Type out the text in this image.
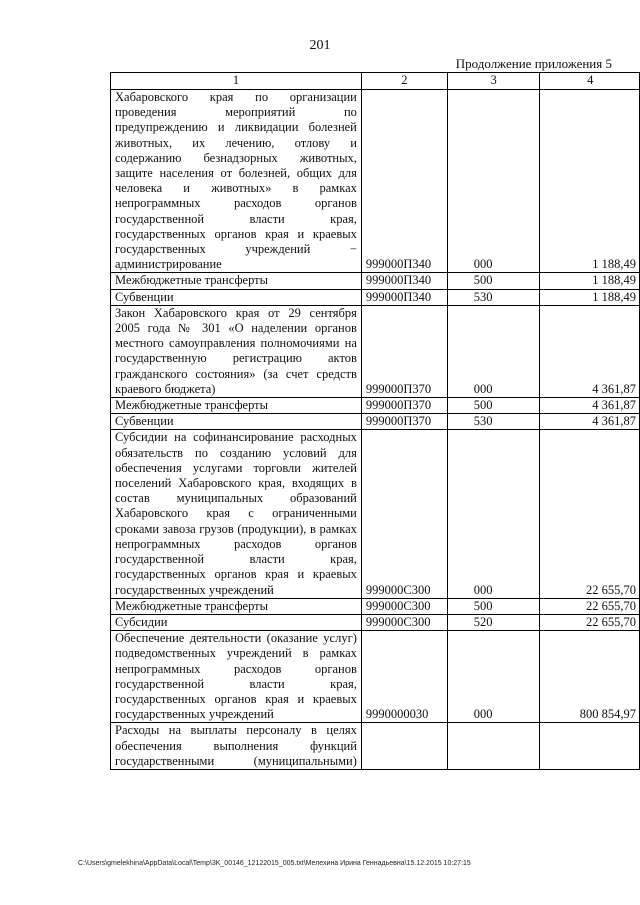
201
Продолжение приложения 5
1	2	3	4
Хабаровского края по организации проведения мероприятий по предупреждению и ликвидации болезней животных, их лечению, отлову и содержанию безнадзорных животных, защите населения от болезней, общих для человека и животных» в рамках непрограммных расходов органов государственной власти края, государственных органов края и краевых государственных учреждений − администрирование	999000П340	000	1 188,49
Межбюджетные трансферты	999000П340	500	1 188,49
Субвенции	999000П340	530	1 188,49
Закон Хабаровского края от 29 сентября 2005 года № 301 «О наделении органов местного самоуправления полномочиями на государственную регистрацию актов гражданского состояния» (за счет средств краевого бюджета)	999000П370	000	4 361,87
Межбюджетные трансферты	999000П370	500	4 361,87
Субвенции	999000П370	530	4 361,87
Субсидии на софинансирование расходных обязательств по созданию условий для обеспечения услугами торговли жителей поселений Хабаровского края, входящих в состав муниципальных образований Хабаровского края с ограниченными сроками завоза грузов (продукции), в рамках непрограммных расходов органов государственной власти края, государственных органов края и краевых государственных учреждений	999000С300	000	22 655,70
Межбюджетные трансферты	999000С300	500	22 655,70
Субсидии	999000С300	520	22 655,70
Обеспечение деятельности (оказание услуг) подведомственных учреждений в рамках непрограммных расходов органов государственной власти края, государственных органов края и краевых государственных учреждений	9990000030	000	800 854,97
Расходы на выплаты персоналу в целях обеспечения выполнения функций государственными (муниципальными)			
C:\Users\gmelekhina\AppData\Local\Temp\3K_00146_12122015_005.txt\Мелехина Ирина Геннадьевна\15.12.2015 10:27:15
